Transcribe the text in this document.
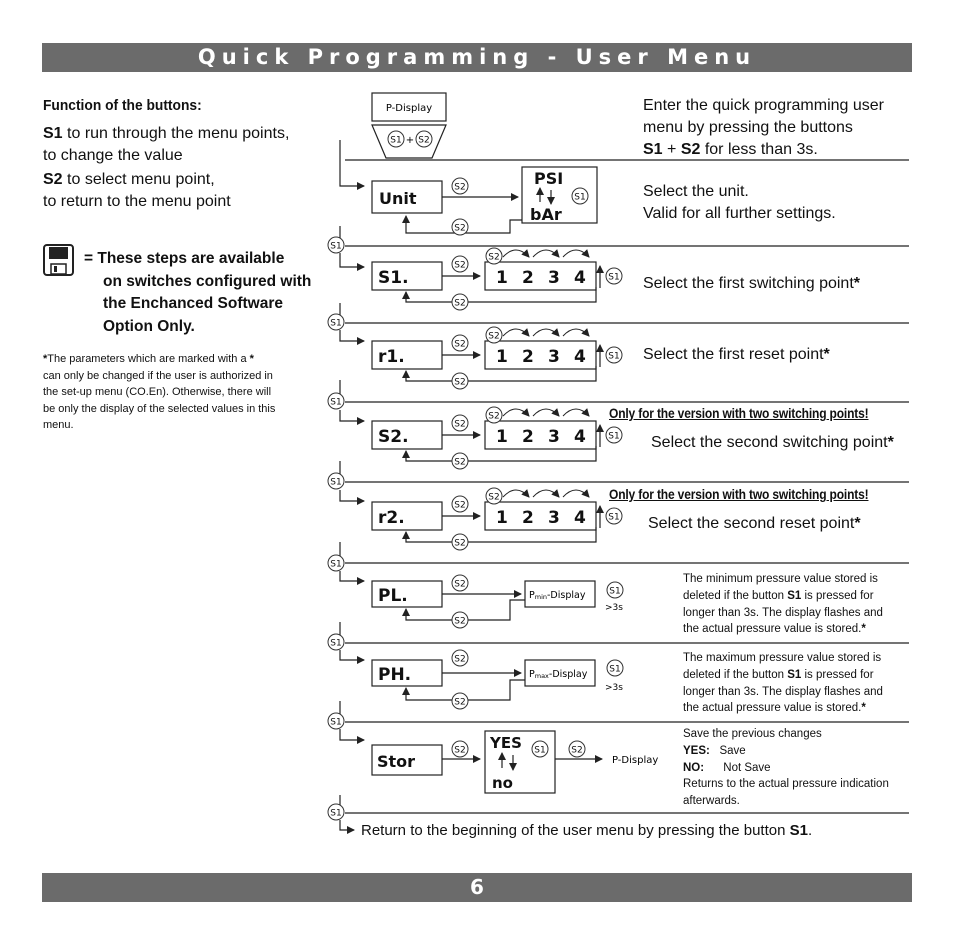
Quick Programming - User Menu
Function of the buttons:
S1 to run through the menu points,
to change the value
S2 to select menu point,
to return to the menu point
= These steps are available
on switches configured with
the Enchanced Software
Option Only.
*The parameters which are marked with a *
can only be changed if the user is authorized in
the set-up menu (CO.En). Otherwise, there will
be only the display of the selected values in this
menu.
P-Display
S1 + S2
Unit
S2	PSI
bAr
S1
S2
S1
S1
S1
S1
S1
S1
S1
S1
S1.
S2
1 2 3 4
S2
S1
S2
r1.
S2
1 2 3 4
S2
S1
S2
S2.
S2
1 2 3 4
S2
S1
S2
r2.
S2
1 2 3 4
S2
S1
S2
PL.
S2
Pmin-Display	S1
>3s
S2
PH.
S2
Pmax-Display S1
>3s
S2
Stor
S2 YES
no
S1	S2
P-Display
Enter the quick programming user
menu by pressing the buttons
S1 + S2 for less than 3s.
Select the unit.
Valid for all further settings.
Select the first switching point*
Select the first reset point*
Only for the version with two switching points!
Select the second switching point*
Only for the version with two switching points!
Select the second reset point*
The minimum pressure value stored is
deleted if the button S1 is pressed for
longer than 3s. The display flashes and
the actual pressure value is stored.*
The maximum pressure value stored is
deleted if the button S1 is pressed for
longer than 3s. The display flashes and
the actual pressure value is stored.*
Save the previous changes
YES: Save
NO: Not Save
Returns to the actual pressure indication
afterwards.
Return to the beginning of the user menu by pressing the button S1.
6
